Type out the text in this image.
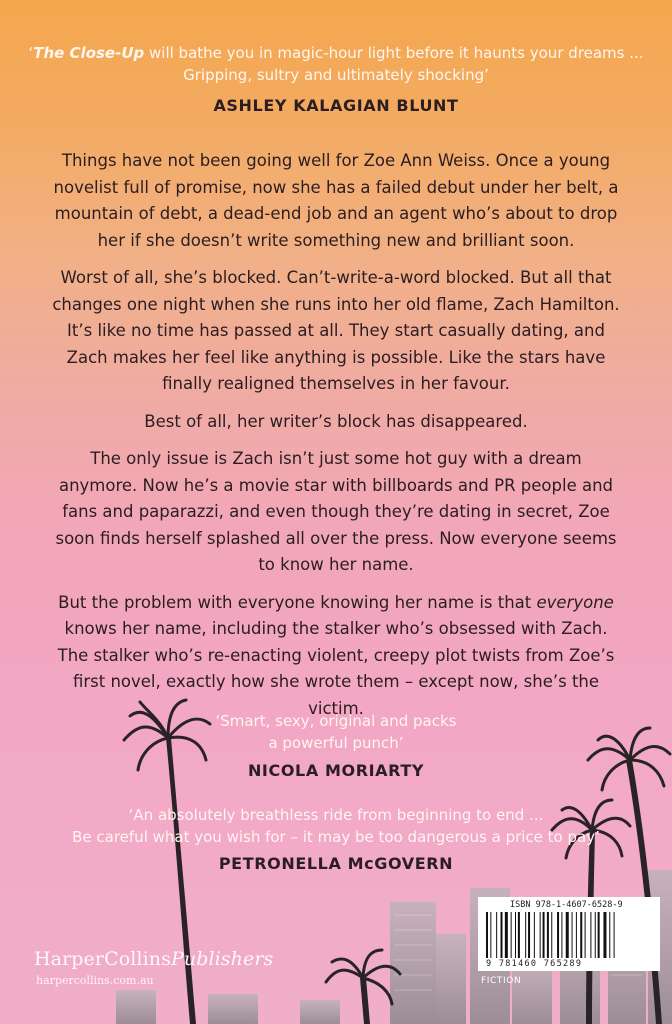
‘The Close-Up will bathe you in magic-hour light before it haunts your dreams ...
Gripping, sultry and ultimately shocking’
ASHLEY KALAGIAN BLUNT

Things have not been going well for Zoe Ann Weiss. Once a young novelist full of promise, now she has a failed debut under her belt, a mountain of debt, a dead-end job and an agent who’s about to drop her if she doesn’t write something new and brilliant soon.

Worst of all, she’s blocked. Can’t-write-a-word blocked. But all that changes one night when she runs into her old flame, Zach Hamilton. It’s like no time has passed at all. They start casually dating, and Zach makes her feel like anything is possible. Like the stars have finally realigned themselves in her favour.

Best of all, her writer’s block has disappeared.

The only issue is Zach isn’t just some hot guy with a dream anymore. Now he’s a movie star with billboards and PR people and fans and paparazzi, and even though they’re dating in secret, Zoe soon finds herself splashed all over the press. Now everyone seems to know her name.

But the problem with everyone knowing her name is that everyone knows her name, including the stalker who’s obsessed with Zach. The stalker who’s re-enacting violent, creepy plot twists from Zoe’s first novel, exactly how she wrote them – except now, she’s the victim.

‘Smart, sexy, original and packs
a powerful punch’
NICOLA MORIARTY
‘An absolutely breathless ride from beginning to end ...
Be careful what you wish for – it may be too dangerous a price to pay’
PETRONELLA McGOVERN
HarperCollinsPublishers
harpercollins.com.au
ISBN 978-1-4607-6528-9
9 781460 765289
FICTION
